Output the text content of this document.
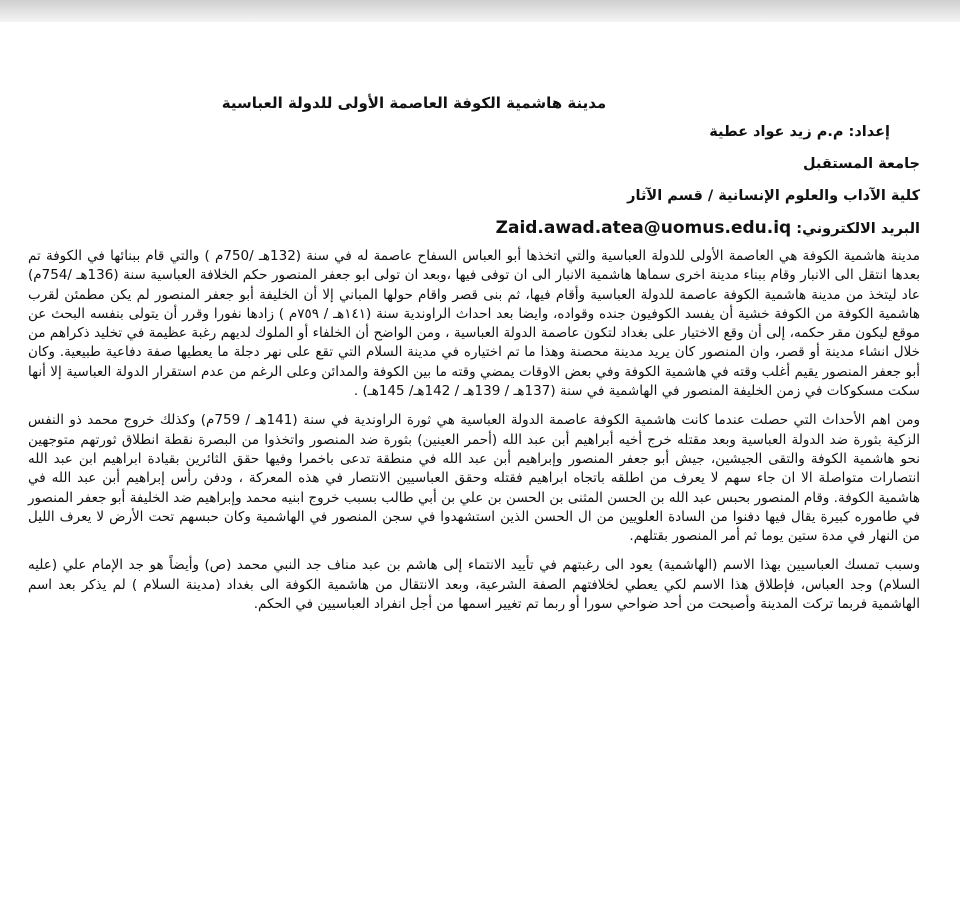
مدينة هاشمية الكوفة العاصمة الأولى للدولة العباسية
إعداد: م.م زيد عواد عطية
جامعة المستقبل
كلية الآداب والعلوم الإنسانية / قسم الآثار
البريد الالكتروني: Zaid.awad.atea@uomus.edu.iq

مدينة هاشمية الكوفة هي العاصمة الأولى للدولة العباسية والتي اتخذها أبو العباس السفاح عاصمة له في سنة (132هـ /750م ) والتي قام ببنائها في الكوفة تم بعدها انتقل الى الانبار وقام ببناء مدينة اخرى سماها هاشمية الانبار الى ان توفى فيها ،وبعد ان تولى ابو جعفر المنصور حكم الخلافة العباسية سنة (136هـ /754م) عاد ليتخذ من مدينة هاشمية الكوفة عاصمة للدولة العباسية وأقام فيها، ثم بنى قصر واقام حولها المباني إلا أن الخليفة أبو جعفر المنصور لم يكن مطمئن لقرب هاشمية الكوفة من الكوفة خشية أن يفسد الكوفيون جنده وقواده، وايضا بعد احداث الراوندية سنة (١٤١هـ / ٧٥٩م ) زادها نفورا وقرر أن يتولى بنفسه البحث عن موقع ليكون مقر حكمه، إلى أن وقع الاختيار على بغداد لتكون عاصمة الدولة العباسية ، ومن الواضح أن الخلفاء أو الملوك لديهم رغبة عظيمة في تخليد ذكراهم من خلال انشاء مدينة أو قصر، وان المنصور كان يريد مدينة محصنة وهذا ما تم اختياره في مدينة السلام التي تقع على نهر دجلة ما يعطيها صفة دفاعية طبيعية. وكان أبو جعفر المنصور يقيم أغلب وقته في هاشمية الكوفة وفي بعض الاوقات يمضي وقته ما بين الكوفة والمدائن وعلى الرغم من عدم استقرار الدولة العباسية إلا أنها سكت مسكوكات في زمن الخليفة المنصور في الهاشمية في سنة (137هـ / 139هـ / 142هـ/ 145هـ) .

ومن اهم الأحداث التي حصلت عندما كانت هاشمية الكوفة عاصمة الدولة العباسية هي ثورة الراوندية في سنة (141هـ / 759م) وكذلك خروج محمد ذو النفس الزكية بثورة ضد الدولة العباسية وبعد مقتله خرج أخيه أبراهيم أبن عبد الله (أحمر العينين) بثورة ضد المنصور واتخذوا من البصرة نقطة انطلاق ثورتهم متوجهين نحو هاشمية الكوفة والتقى الجيشين، جيش أبو جعفر المنصور وإبراهيم أبن عبد الله في منطقة تدعى باخمرا وفيها حقق الثائرين بقيادة ابراهيم ابن عبد الله انتصارات متواصلة الا ان جاء سهم لا يعرف من اطلقه باتجاه ابراهيم فقتله وحقق العباسيين الانتصار في هذه المعركة ، ودفن رأس إبراهيم أبن عبد الله في هاشمية الكوفة. وقام المنصور بحبس عبد الله بن الحسن المثنى بن الحسن بن علي بن أبي طالب بسبب خروج ابنيه محمد وإبراهيم ضد الخليفة أبو جعفر المنصور في طاموره كبيرة يقال فيها دفنوا من السادة العلويين من ال الحسن الذين استشهدوا في سجن المنصور في الهاشمية وكان حبسهم تحت الأرض لا يعرف الليل من النهار في مدة ستين يوما ثم أمر المنصور بقتلهم.

وسبب تمسك العباسيين بهذا الاسم (الهاشمية) يعود الى رغبتهم في تأييد الانتماء إلى هاشم بن عبد مناف جد النبي محمد (ص) وأيضاً هو جد الإمام علي (عليه السلام) وجد العباس، فإطلاق هذا الاسم لكي يعطي لخلافتهم الصفة الشرعية، وبعد الانتقال من هاشمية الكوفة الى بغداد (مدينة السلام ) لم يذكر بعد اسم الهاشمية فربما تركت المدينة وأصبحت من أحد ضواحي سورا أو ربما تم تغيير اسمها من أجل انفراد العباسيين في الحكم.
